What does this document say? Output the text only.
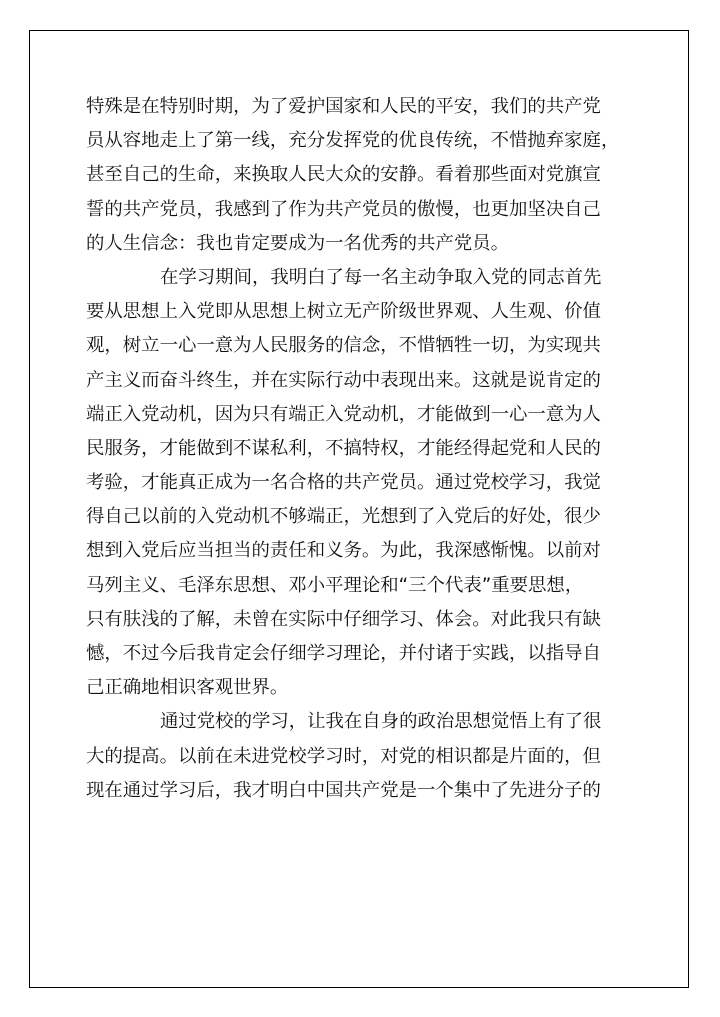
特殊是在特别时期，为了爱护国家和人民的平安，我们的共产党
员从容地走上了第一线，充分发挥党的优良传统，不惜抛弃家庭，
甚至自己的生命，来换取人民大众的安静。看着那些面对党旗宣
誓的共产党员，我感到了作为共产党员的傲慢，也更加坚决自己
的人生信念：我也肯定要成为一名优秀的共产党员。
在学习期间，我明白了每一名主动争取入党的同志首先
要从思想上入党即从思想上树立无产阶级世界观、人生观、价值
观，树立一心一意为人民服务的信念，不惜牺牲一切，为实现共
产主义而奋斗终生，并在实际行动中表现出来。这就是说肯定的
端正入党动机，因为只有端正入党动机，才能做到一心一意为人
民服务，才能做到不谋私利，不搞特权，才能经得起党和人民的
考验，才能真正成为一名合格的共产党员。通过党校学习，我觉
得自己以前的入党动机不够端正，光想到了入党后的好处，很少
想到入党后应当担当的责任和义务。为此，我深感惭愧。以前对
马列主义、毛泽东思想、邓小平理论和“三个代表”重要思想，
只有肤浅的了解，未曾在实际中仔细学习、体会。对此我只有缺
憾，不过今后我肯定会仔细学习理论，并付诸于实践，以指导自
己正确地相识客观世界。
通过党校的学习，让我在自身的政治思想觉悟上有了很
大的提高。以前在未进党校学习时，对党的相识都是片面的，但
现在通过学习后，我才明白中国共产党是一个集中了先进分子的
